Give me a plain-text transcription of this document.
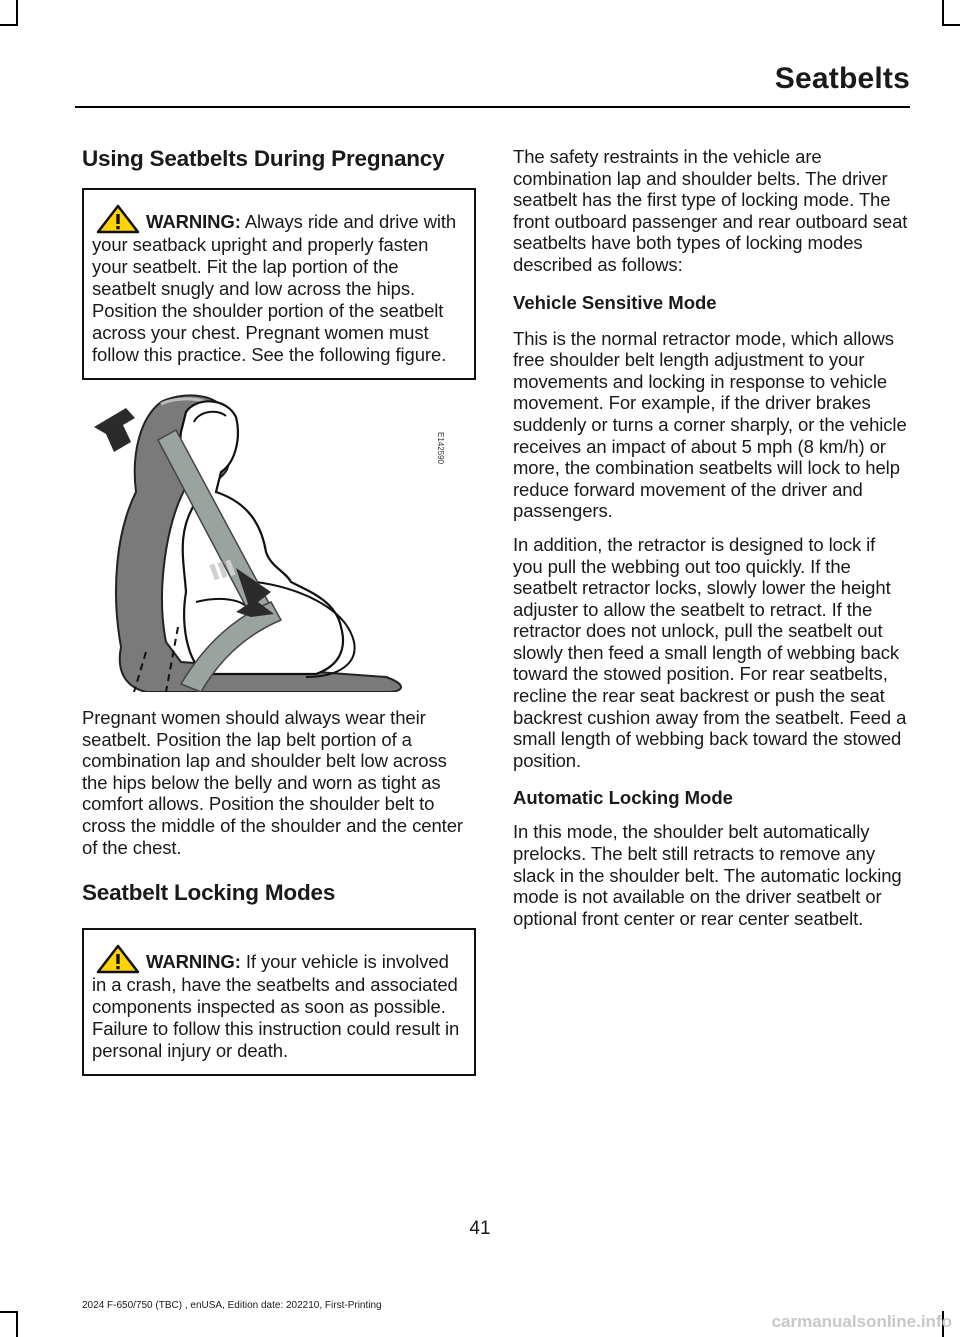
Seatbelts
Using Seatbelts During Pregnancy

WARNING: Always ride and drive with your seatback upright and properly fasten your seatbelt. Fit the lap portion of the seatbelt snugly and low across the hips. Position the shoulder portion of the seatbelt across your chest. Pregnant women must follow this practice. See the following figure.

E142590

Pregnant women should always wear their seatbelt. Position the lap belt portion of a combination lap and shoulder belt low across the hips below the belly and worn as tight as comfort allows. Position the shoulder belt to cross the middle of the shoulder and the center of the chest.

Seatbelt Locking Modes

WARNING: If your vehicle is involved in a crash, have the seatbelts and associated components inspected as soon as possible. Failure to follow this instruction could result in personal injury or death.

The safety restraints in the vehicle are combination lap and shoulder belts. The driver seatbelt has the first type of locking mode. The front outboard passenger and rear outboard seat seatbelts have both types of locking modes described as follows:

Vehicle Sensitive Mode

This is the normal retractor mode, which allows free shoulder belt length adjustment to your movements and locking in response to vehicle movement. For example, if the driver brakes suddenly or turns a corner sharply, or the vehicle receives an impact of about 5 mph (8 km/h) or more, the combination seatbelts will lock to help reduce forward movement of the driver and passengers.

In addition, the retractor is designed to lock if you pull the webbing out too quickly. If the seatbelt retractor locks, slowly lower the height adjuster to allow the seatbelt to retract. If the retractor does not unlock, pull the seatbelt out slowly then feed a small length of webbing back toward the stowed position. For rear seatbelts, recline the rear seat backrest or push the seat backrest cushion away from the seatbelt. Feed a small length of webbing back toward the stowed position.

Automatic Locking Mode

In this mode, the shoulder belt automatically prelocks. The belt still retracts to remove any slack in the shoulder belt. The automatic locking mode is not available on the driver seatbelt or optional front center or rear center seatbelt.

41
2024 F-650/750 (TBC) , enUSA, Edition date: 202210, First-Printing
carmanualsonline.info
